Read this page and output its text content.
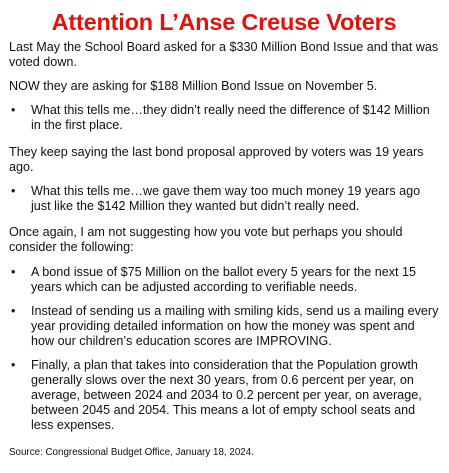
Attention L’Anse Creuse Voters

Last May the School Board asked for a $330 Million Bond Issue and that was voted down.

NOW they are asking for $188 Million Bond Issue on November 5.

• What this tells me…they didn’t really need the difference of $142 Million in the first place.

They keep saying the last bond proposal approved by voters was 19 years ago.

• What this tells me…we gave them way too much money 19 years ago just like the $142 Million they wanted but didn’t really need.

Once again, I am not suggesting how you vote but perhaps you should consider the following:

• A bond issue of $75 Million on the ballot every 5 years for the next 15 years which can be adjusted according to verifiable needs.
• Instead of sending us a mailing with smiling kids, send us a mailing every year providing detailed information on how the money was spent and how our children’s education scores are IMPROVING.
• Finally, a plan that takes into consideration that the Population growth generally slows over the next 30 years, from 0.6 percent per year, on average, between 2024 and 2034 to 0.2 percent per year, on average, between 2045 and 2054. This means a lot of empty school seats and less expenses.

Source: Congressional Budget Office, January 18, 2024.
